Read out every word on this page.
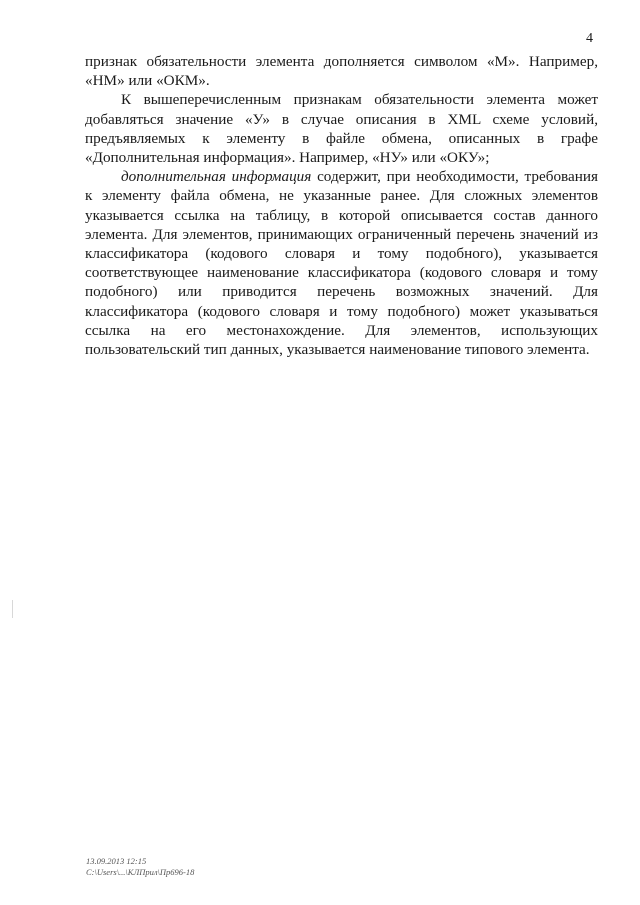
4

признак обязательности элемента дополняется символом «М». Например, «НМ» или «ОКМ».

К вышеперечисленным признакам обязательности элемента может добавляться значение «У» в случае описания в XML схеме условий, предъявляемых к элементу в файле обмена, описанных в графе «Дополнительная информация». Например, «НУ» или «ОКУ»;

дополнительная информация содержит, при необходимости, требования к элементу файла обмена, не указанные ранее. Для сложных элементов указывается ссылка на таблицу, в которой описывается состав данного элемента. Для элементов, принимающих ограниченный перечень значений из классификатора (кодового словаря и тому подобного), указывается соответствующее наименование классификатора (кодового словаря и тому подобного) или приводится перечень возможных значений. Для классификатора (кодового словаря и тому подобного) может указываться ссылка на его местонахождение. Для элементов, использующих пользовательский тип данных, указывается наименование типового элемента.

13.09.2013 12:15
C:\Users\...\КЛПрил\Пр696-18
